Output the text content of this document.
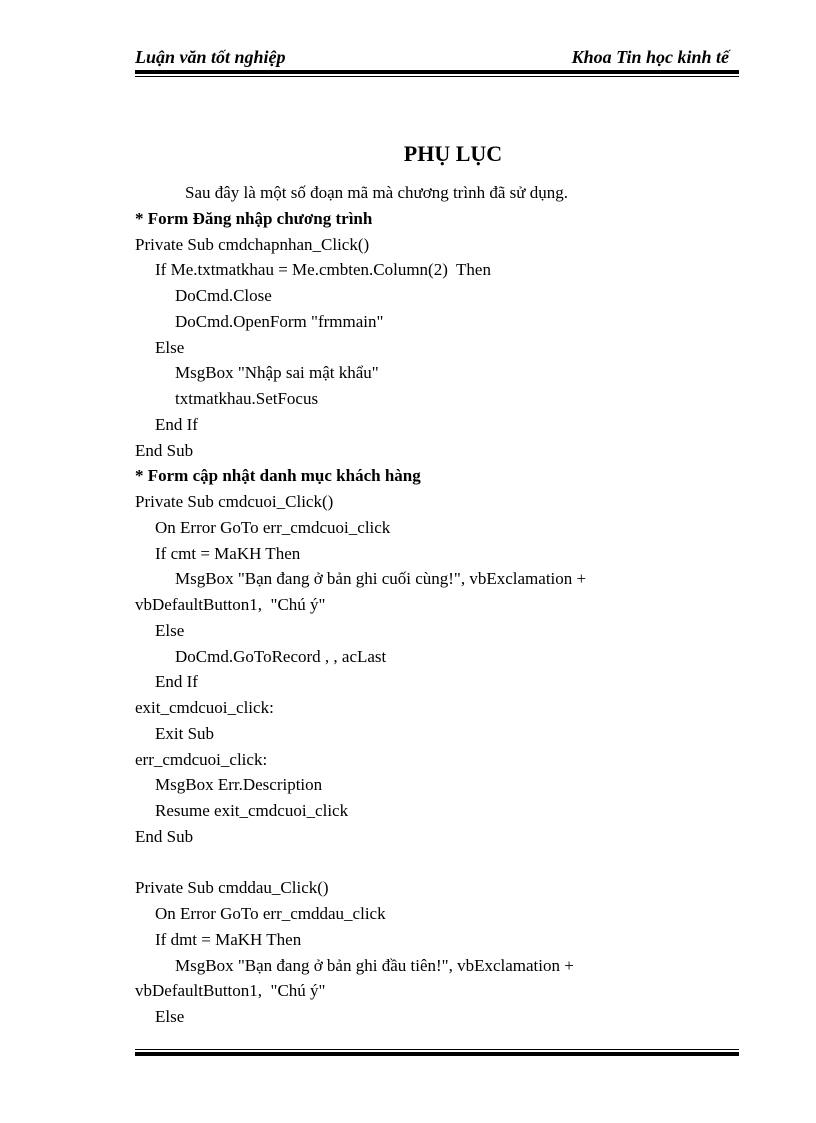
Luận văn tốt nghiệp	Khoa Tin học kinh tế
PHỤ LỤC
Sau đây là một số đoạn mã mà chương trình đã sử dụng.
* Form Đăng nhập chương trình
Private Sub cmdchapnhan_Click()
If Me.txtmatkhau = Me.cmbten.Column(2)  Then
DoCmd.Close
DoCmd.OpenForm "frmmain"
Else
MsgBox "Nhập sai mật khẩu"
txtmatkhau.SetFocus
End If
End Sub
* Form cập nhật danh mục khách hàng
Private Sub cmdcuoi_Click()
On Error GoTo err_cmdcuoi_click
If cmt = MaKH Then
MsgBox "Bạn đang ở bản ghi cuối cùng!", vbExclamation +
vbDefaultButton1,  "Chú ý"
Else
DoCmd.GoToRecord , , acLast
End If
exit_cmdcuoi_click:
Exit Sub
err_cmdcuoi_click:
MsgBox Err.Description
Resume exit_cmdcuoi_click
End Sub
Private Sub cmddau_Click()
On Error GoTo err_cmddau_click
If dmt = MaKH Then
MsgBox "Bạn đang ở bản ghi đầu tiên!", vbExclamation +
vbDefaultButton1,  "Chú ý"
Else
